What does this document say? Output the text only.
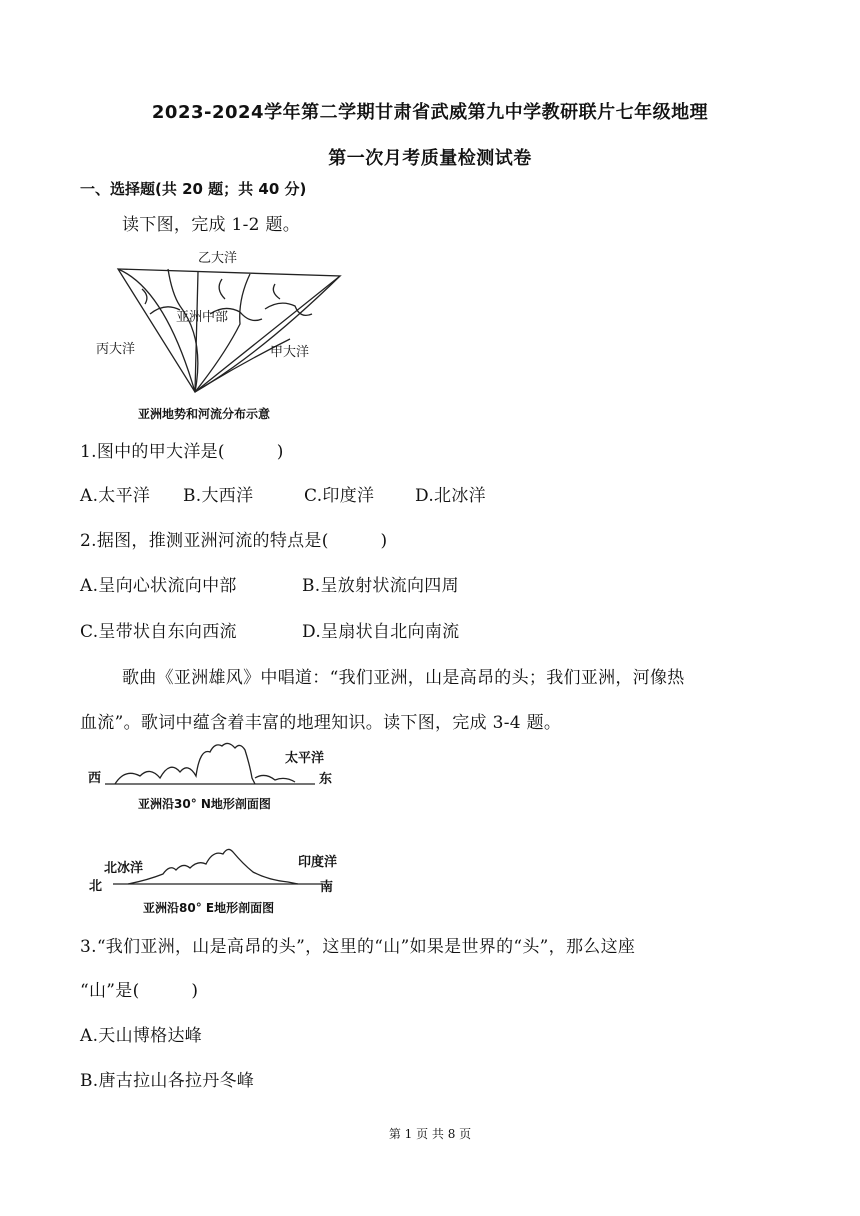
2023-2024学年第二学期甘肃省武威第九中学教研联片七年级地理
第一次月考质量检测试卷
一、选择题(共 20 题；共 40 分)
读下图，完成 1-2 题。
乙大洋
亚洲中部
丙大洋	甲大洋
亚洲地势和河流分布示意
1.图中的甲大洋是(　　　)
A.太平洋 B.大西洋	C.印度洋 D.北冰洋
2.据图，推测亚洲河流的特点是(　　　)
A.呈向心状流向中部	B.呈放射状流向四周
C.呈带状自东向西流	D.呈扇状自北向南流
歌曲《亚洲雄风》中唱道：“我们亚洲，山是高昂的头；我们亚洲，河像热
血流”。歌词中蕴含着丰富的地理知识。读下图，完成 3-4 题。
西	东
太平洋
亚洲沿30° N地形剖面图
北	南
北冰洋	印度洋
亚洲沿80° E地形剖面图
3.“我们亚洲，山是高昂的头”，这里的“山”如果是世界的“头”，那么这座
“山”是(　　　)
A.天山博格达峰
B.唐古拉山各拉丹冬峰
第 1 页 共 8 页
